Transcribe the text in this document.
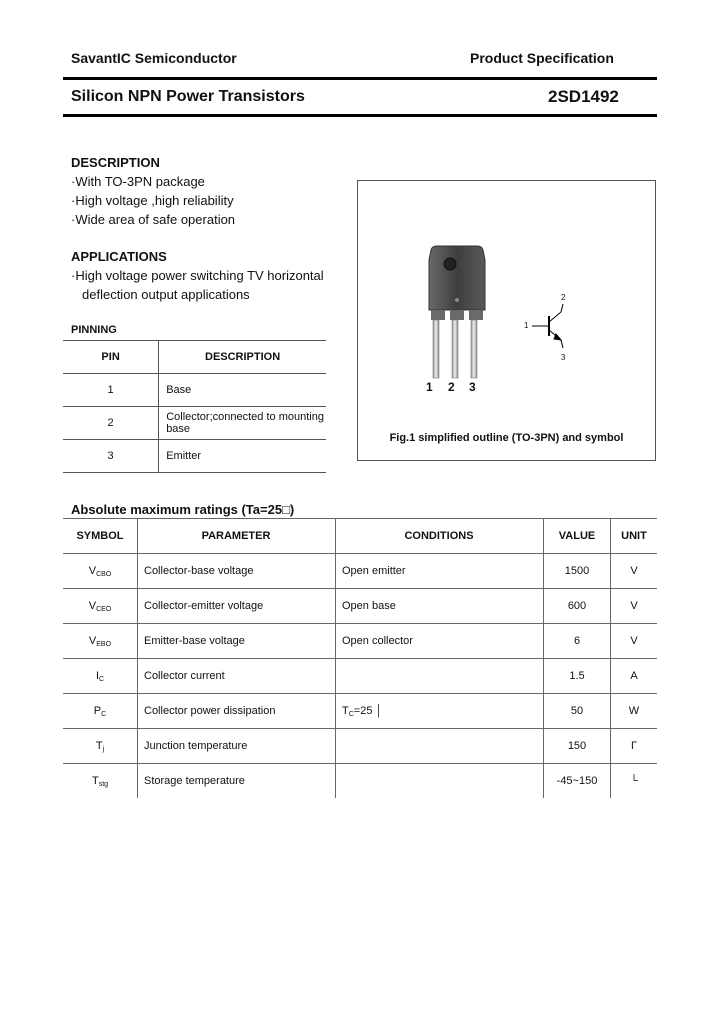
SavantIC Semiconductor	Product Specification
Silicon NPN Power Transistors	2SD1492
DESCRIPTION
·With TO-3PN package
·High voltage ,high reliability
·Wide area of safe operation
APPLICATIONS
·High voltage power switching TV horizontal
deflection output applications
PINNING
PIN	DESCRIPTION
1	Base
2	Collector;connected to mounting base
3	Emitter
1 2 3
1
2
3
Fig.1 simplified outline (TO-3PN) and symbol
Absolute maximum ratings (Ta=25□)
SYMBOL	PARAMETER	CONDITIONS	VALUE	UNIT
$V_{CBO}$	Collector-base voltage	Open emitter	1500	V
$V_{CEO}$	Collector-emitter voltage	Open base	600	V
$V_{EBO}$	Emitter-base voltage	Open collector	6	V
$I_C$	Collector current		1.5	A
$P_C$	Collector power dissipation	$T_C=25$ │	50	W
$T_j$	Junction temperature		150	Γ
$T_{stg}$	Storage temperature		-45~150	└
